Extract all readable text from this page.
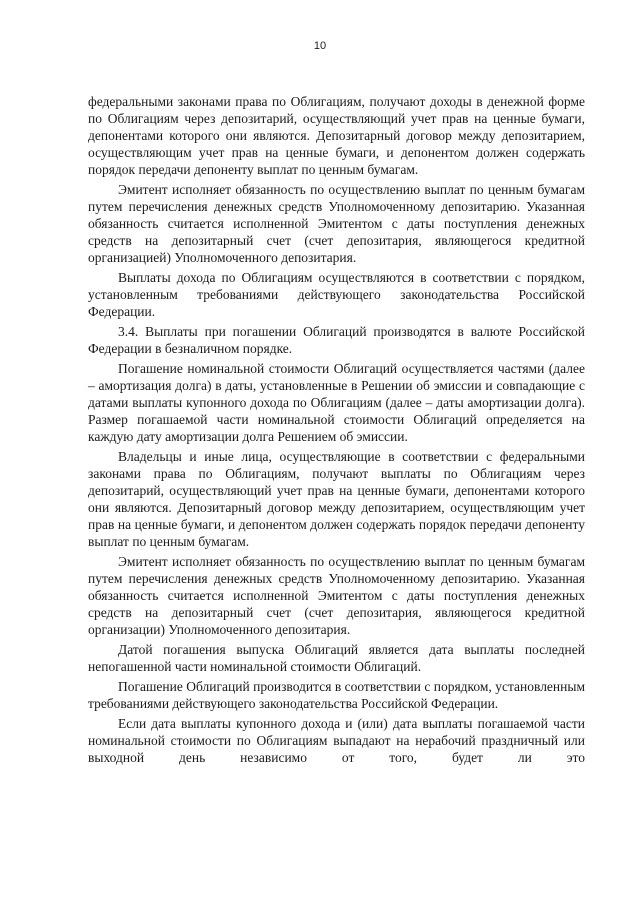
10

федеральными законами права по Облигациям, получают доходы в денежной форме по Облигациям через депозитарий, осуществляющий учет прав на ценные бумаги, депонентами которого они являются. Депозитарный договор между депозитарием, осуществляющим учет прав на ценные бумаги, и депонентом должен содержать порядок передачи депоненту выплат по ценным бумагам.

Эмитент исполняет обязанность по осуществлению выплат по ценным бумагам путем перечисления денежных средств Уполномоченному депозитарию. Указанная обязанность считается исполненной Эмитентом с даты поступления денежных средств на депозитарный счет (счет депозитария, являющегося кредитной организацией) Уполномоченного депозитария.

Выплаты дохода по Облигациям осуществляются в соответствии с порядком, установленным требованиями действующего законодательства Российской Федерации.

3.4. Выплаты при погашении Облигаций производятся в валюте Российской Федерации в безналичном порядке.

Погашение номинальной стоимости Облигаций осуществляется частями (далее – амортизация долга) в даты, установленные в Решении об эмиссии и совпадающие с датами выплаты купонного дохода по Облигациям (далее – даты амортизации долга). Размер погашаемой части номинальной стоимости Облигаций определяется на каждую дату амортизации долга Решением об эмиссии.

Владельцы и иные лица, осуществляющие в соответствии с федеральными законами права по Облигациям, получают выплаты по Облигациям через депозитарий, осуществляющий учет прав на ценные бумаги, депонентами которого они являются. Депозитарный договор между депозитарием, осуществляющим учет прав на ценные бумаги, и депонентом должен содержать порядок передачи депоненту выплат по ценным бумагам.

Эмитент исполняет обязанность по осуществлению выплат по ценным бумагам путем перечисления денежных средств Уполномоченному депозитарию. Указанная обязанность считается исполненной Эмитентом с даты поступления денежных средств на депозитарный счет (счет депозитария, являющегося кредитной организации) Уполномоченного депозитария.

Датой погашения выпуска Облигаций является дата выплаты последней непогашенной части номинальной стоимости Облигаций.

Погашение Облигаций производится в соответствии с порядком, установленным требованиями действующего законодательства Российской Федерации.

Если дата выплаты купонного дохода и (или) дата выплаты погашаемой части номинальной стоимости по Облигациям выпадают на нерабочий праздничный или выходной день независимо от того, будет ли это
